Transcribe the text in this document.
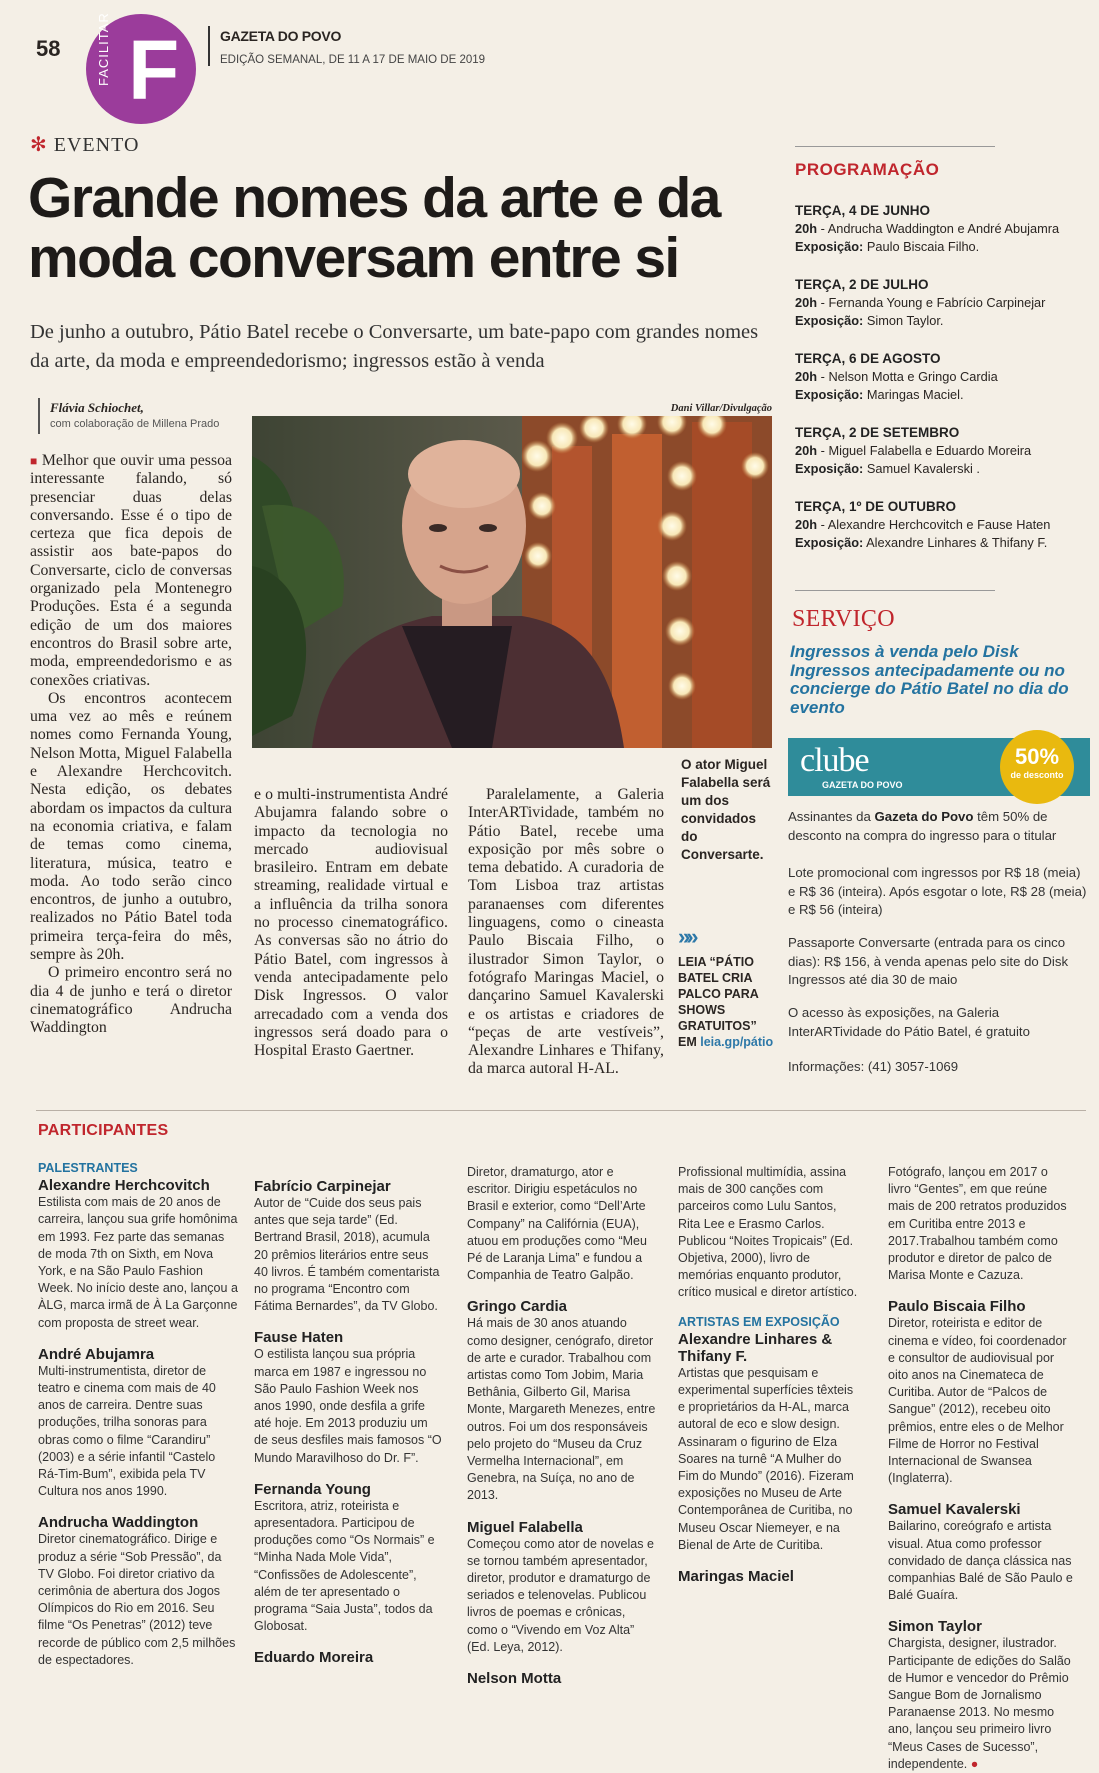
58	FACILITAR F	GAZETA DO POVO
EDIÇÃO SEMANAL, DE 11 A 17 DE MAIO DE 2019
✻ EVENTO
Grande nomes da arte e da moda conversam entre si
De junho a outubro, Pátio Batel recebe o Conversarte, um bate-papo com grandes nomes da arte, da moda e empreendedorismo; ingressos estão à venda
Flávia Schiochet,
com colaboração de Millena Prado
Dani Villar/Divulgação
O ator Miguel Falabella será um dos convidados do Conversarte.

■ Melhor que ouvir uma pessoa interessante falando, só presenciar duas delas conversando. Esse é o tipo de certeza que fica depois de assistir aos bate-papos do Conversarte, ciclo de conversas organizado pela Montenegro Produções. Esta é a segunda edição de um dos maiores encontros do Brasil sobre arte, moda, empreendedorismo e as conexões criativas.

Os encontros acontecem uma vez ao mês e reúnem nomes como Fernanda Young, Nelson Motta, Miguel Falabella e Alexandre Herchcovitch. Nesta edição, os debates abordam os impactos da cultura na economia criativa, e falam de temas como cinema, literatura, música, teatro e moda. Ao todo serão cinco encontros, de junho a outubro, realizados no Pátio Batel toda primeira terça-feira do mês, sempre às 20h.

O primeiro encontro será no dia 4 de junho e terá o diretor cinematográfico Andrucha Waddington

e o multi-instrumentista André Abujamra falando sobre o impacto da tecnologia no mercado audiovisual brasileiro. Entram em debate streaming, realidade virtual e a influência da trilha sonora no processo cinematográfico. As conversas são no átrio do Pátio Batel, com ingressos à venda antecipadamente pelo Disk Ingressos. O valor arrecadado com a venda dos ingressos será doado para o Hospital Erasto Gaertner.

Paralelamente, a Galeria InterARTividade, também no Pátio Batel, recebe uma exposição por mês sobre o tema debatido. A curadoria de Tom Lisboa traz artistas paranaenses com diferentes linguagens, como o cineasta Paulo Biscaia Filho, o ilustrador Simon Taylor, o fotógrafo Maringas Maciel, o dançarino Samuel Kavalerski e os artistas e criadores de “peças de arte vestíveis”, Alexandre Linhares e Thifany, da marca autoral H-AL.

»»
LEIA “PÁTIO BATEL CRIA PALCO PARA SHOWS GRATUITOS” EM leia.gp/pátio
PROGRAMAÇÃO
TERÇA, 4 DE JUNHO
20h - Andrucha Waddington e André Abujamra
Exposição: Paulo Biscaia Filho.
TERÇA, 2 DE JULHO
20h - Fernanda Young e Fabrício Carpinejar
Exposição: Simon Taylor.
TERÇA, 6 DE AGOSTO
20h - Nelson Motta e Gringo Cardia
Exposição: Maringas Maciel.
TERÇA, 2 DE SETEMBRO
20h - Miguel Falabella e Eduardo Moreira
Exposição: Samuel Kavalerski .
TERÇA, 1º DE OUTUBRO
20h - Alexandre Herchcovitch e Fause Haten
Exposição: Alexandre Linhares & Thifany F.
SERVIÇO
Ingressos à venda pelo Disk Ingressos antecipadamente ou no concierge do Pátio Batel no dia do evento
clube
GAZETA DO POVO
50%
de desconto
Assinantes da Gazeta do Povo têm 50% de desconto na compra do ingresso para o titular
Lote promocional com ingressos por R$ 18 (meia) e R$ 36 (inteira). Após esgotar o lote, R$ 28 (meia) e R$ 56 (inteira)
Passaporte Conversarte (entrada para os cinco dias): R$ 156, à venda apenas pelo site do Disk Ingressos até dia 30 de maio
O acesso às exposições, na Galeria InterARTividade do Pátio Batel, é gratuito
Informações: (41) 3057-1069
PARTICIPANTES
PALESTRANTES
Alexandre Herchcovitch
Estilista com mais de 20 anos de carreira, lançou sua grife homônima em 1993. Fez parte das semanas de moda 7th on Sixth, em Nova York, e na São Paulo Fashion Week. No início deste ano, lançou a ÀLG, marca irmã de À La Garçonne com proposta de street wear.
André Abujamra
Multi-instrumentista, diretor de teatro e cinema com mais de 40 anos de carreira. Dentre suas produções, trilha sonoras para obras como o filme “Carandiru” (2003) e a série infantil “Castelo Rá-Tim-Bum”, exibida pela TV Cultura nos anos 1990.
Andrucha Waddington
Diretor cinematográfico. Dirige e produz a série “Sob Pressão”, da TV Globo. Foi diretor criativo da cerimônia de abertura dos Jogos Olímpicos do Rio em 2016. Seu filme “Os Penetras” (2012) teve recorde de público com 2,5 milhões de espectadores.
Fabrício Carpinejar
Autor de “Cuide dos seus pais antes que seja tarde” (Ed. Bertrand Brasil, 2018), acumula 20 prêmios literários entre seus 40 livros. É também comentarista no programa “Encontro com Fátima Bernardes”, da TV Globo.
Fause Haten
O estilista lançou sua própria marca em 1987 e ingressou no São Paulo Fashion Week nos anos 1990, onde desfila a grife até hoje. Em 2013 produziu um de seus desfiles mais famosos “O Mundo Maravilhoso do Dr. F”.
Fernanda Young
Escritora, atriz, roteirista e apresentadora. Participou de produções como “Os Normais” e “Minha Nada Mole Vida”, “Confissões de Adolescente”, além de ter apresentado o programa “Saia Justa”, todos da Globosat.
Eduardo Moreira
Diretor, dramaturgo, ator e escritor. Dirigiu espetáculos no Brasil e exterior, como “Dell’Arte Company” na Califórnia (EUA), atuou em produções como “Meu Pé de Laranja Lima” e fundou a Companhia de Teatro Galpão.
Gringo Cardia
Há mais de 30 anos atuando como designer, cenógrafo, diretor de arte e curador. Trabalhou com artistas como Tom Jobim, Maria Bethânia, Gilberto Gil, Marisa Monte, Margareth Menezes, entre outros. Foi um dos responsáveis pelo projeto do “Museu da Cruz Vermelha Internacional”, em Genebra, na Suíça, no ano de 2013.
Miguel Falabella
Começou como ator de novelas e se tornou também apresentador, diretor, produtor e dramaturgo de seriados e telenovelas. Publicou livros de poemas e crônicas, como o “Vivendo em Voz Alta” (Ed. Leya, 2012).
Nelson Motta
Profissional multimídia, assina mais de 300 canções com parceiros como Lulu Santos, Rita Lee e Erasmo Carlos. Publicou “Noites Tropicais” (Ed. Objetiva, 2000), livro de memórias enquanto produtor, crítico musical e diretor artístico.
ARTISTAS EM EXPOSIÇÃO
Alexandre Linhares & Thifany F.
Artistas que pesquisam e experimental superfícies têxteis e proprietários da H-AL, marca autoral de eco e slow design. Assinaram o figurino de Elza Soares na turnê “A Mulher do Fim do Mundo” (2016). Fizeram exposições no Museu de Arte Contemporânea de Curitiba, no Museu Oscar Niemeyer, e na Bienal de Arte de Curitiba.
Maringas Maciel
Fotógrafo, lançou em 2017 o livro “Gentes”, em que reúne mais de 200 retratos produzidos em Curitiba entre 2013 e 2017.Trabalhou também como produtor e diretor de palco de Marisa Monte e Cazuza.
Paulo Biscaia Filho
Diretor, roteirista e editor de cinema e vídeo, foi coordenador e consultor de audiovisual por oito anos na Cinemateca de Curitiba. Autor de “Palcos de Sangue” (2012), recebeu oito prêmios, entre eles o de Melhor Filme de Horror no Festival Internacional de Swansea (Inglaterra).
Samuel Kavalerski
Bailarino, coreógrafo e artista visual. Atua como professor convidado de dança clássica nas companhias Balé de São Paulo e Balé Guaíra.
Simon Taylor
Chargista, designer, ilustrador. Participante de edições do Salão de Humor e vencedor do Prêmio Sangue Bom de Jornalismo Paranaense 2013. No mesmo ano, lançou seu primeiro livro “Meus Cases de Sucesso”, independente. ●
